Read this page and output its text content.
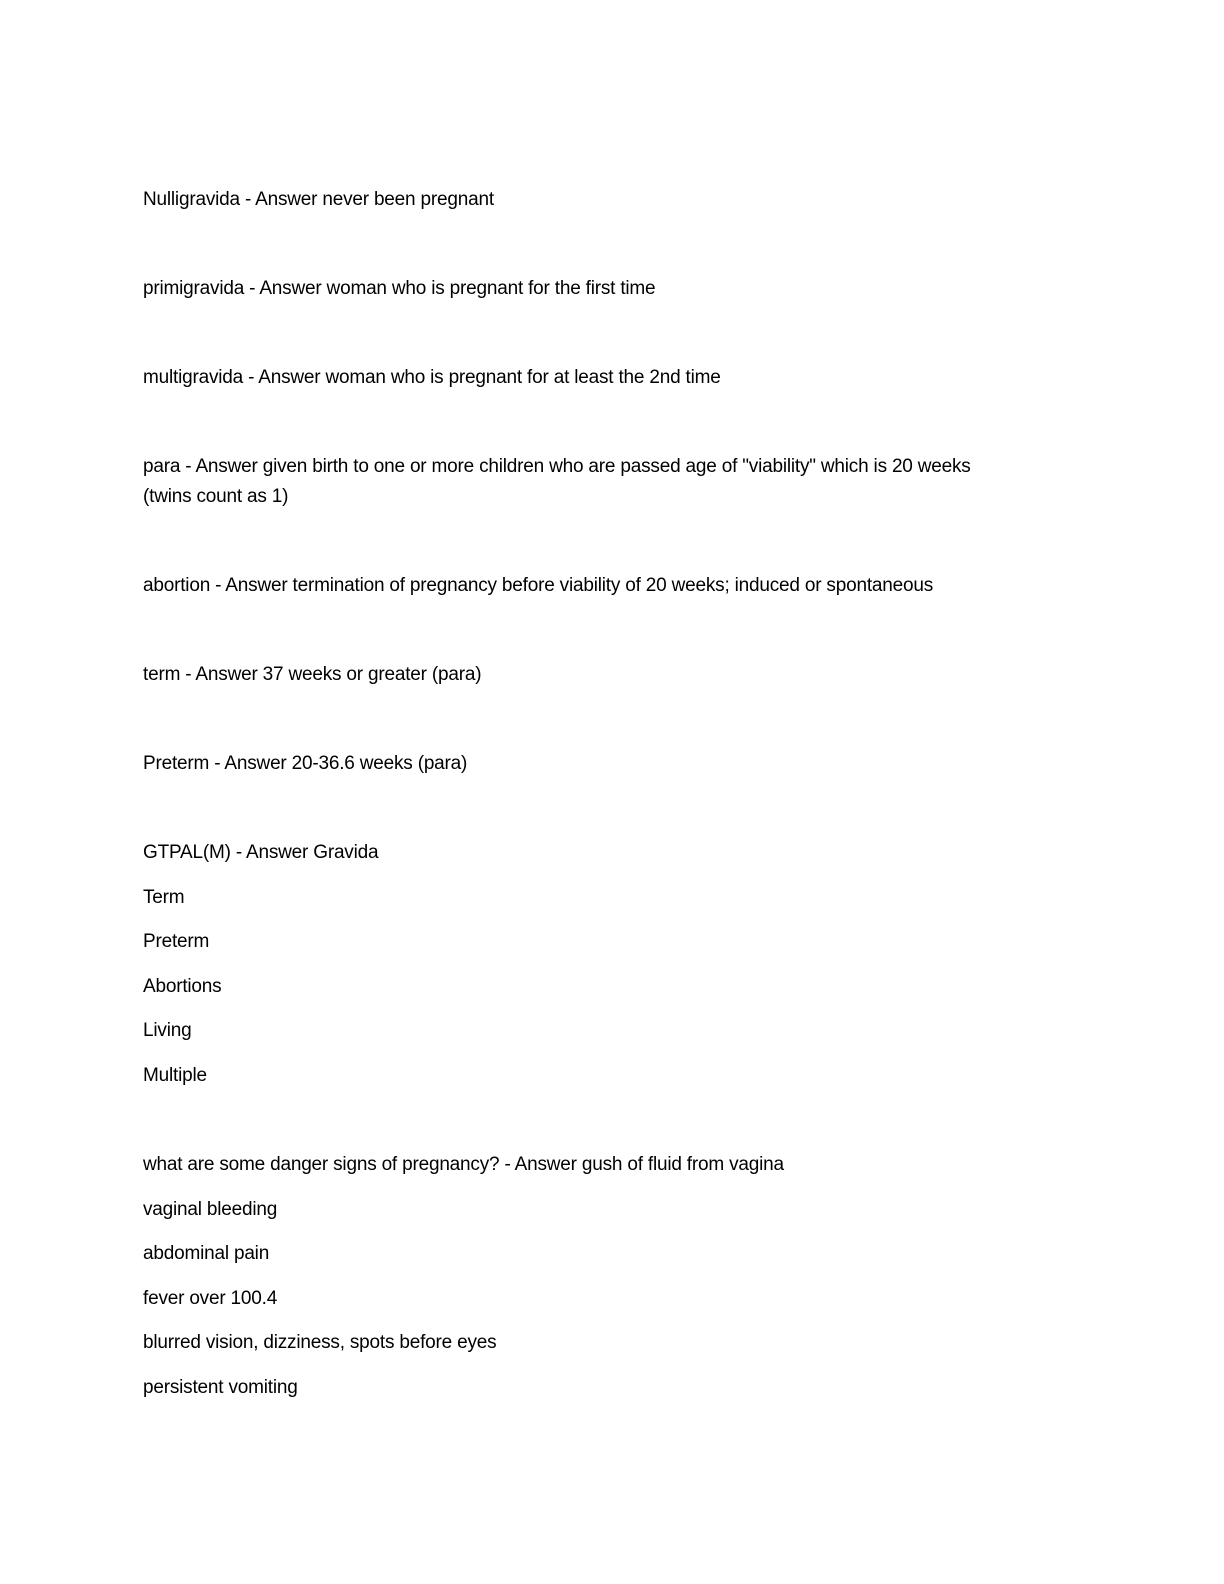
Nulligravida - Answer never been pregnant
primigravida - Answer woman who is pregnant for the first time
multigravida - Answer woman who is pregnant for at least the 2nd time
para - Answer given birth to one or more children who are passed age of "viability" which is 20 weeks
(twins count as 1)
abortion - Answer termination of pregnancy before viability of 20 weeks; induced or spontaneous
term - Answer 37 weeks or greater (para)
Preterm - Answer 20-36.6 weeks (para)
GTPAL(M) - Answer Gravida
Term
Preterm
Abortions
Living
Multiple
what are some danger signs of pregnancy? - Answer gush of fluid from vagina
vaginal bleeding
abdominal pain
fever over 100.4
blurred vision, dizziness, spots before eyes
persistent vomiting
